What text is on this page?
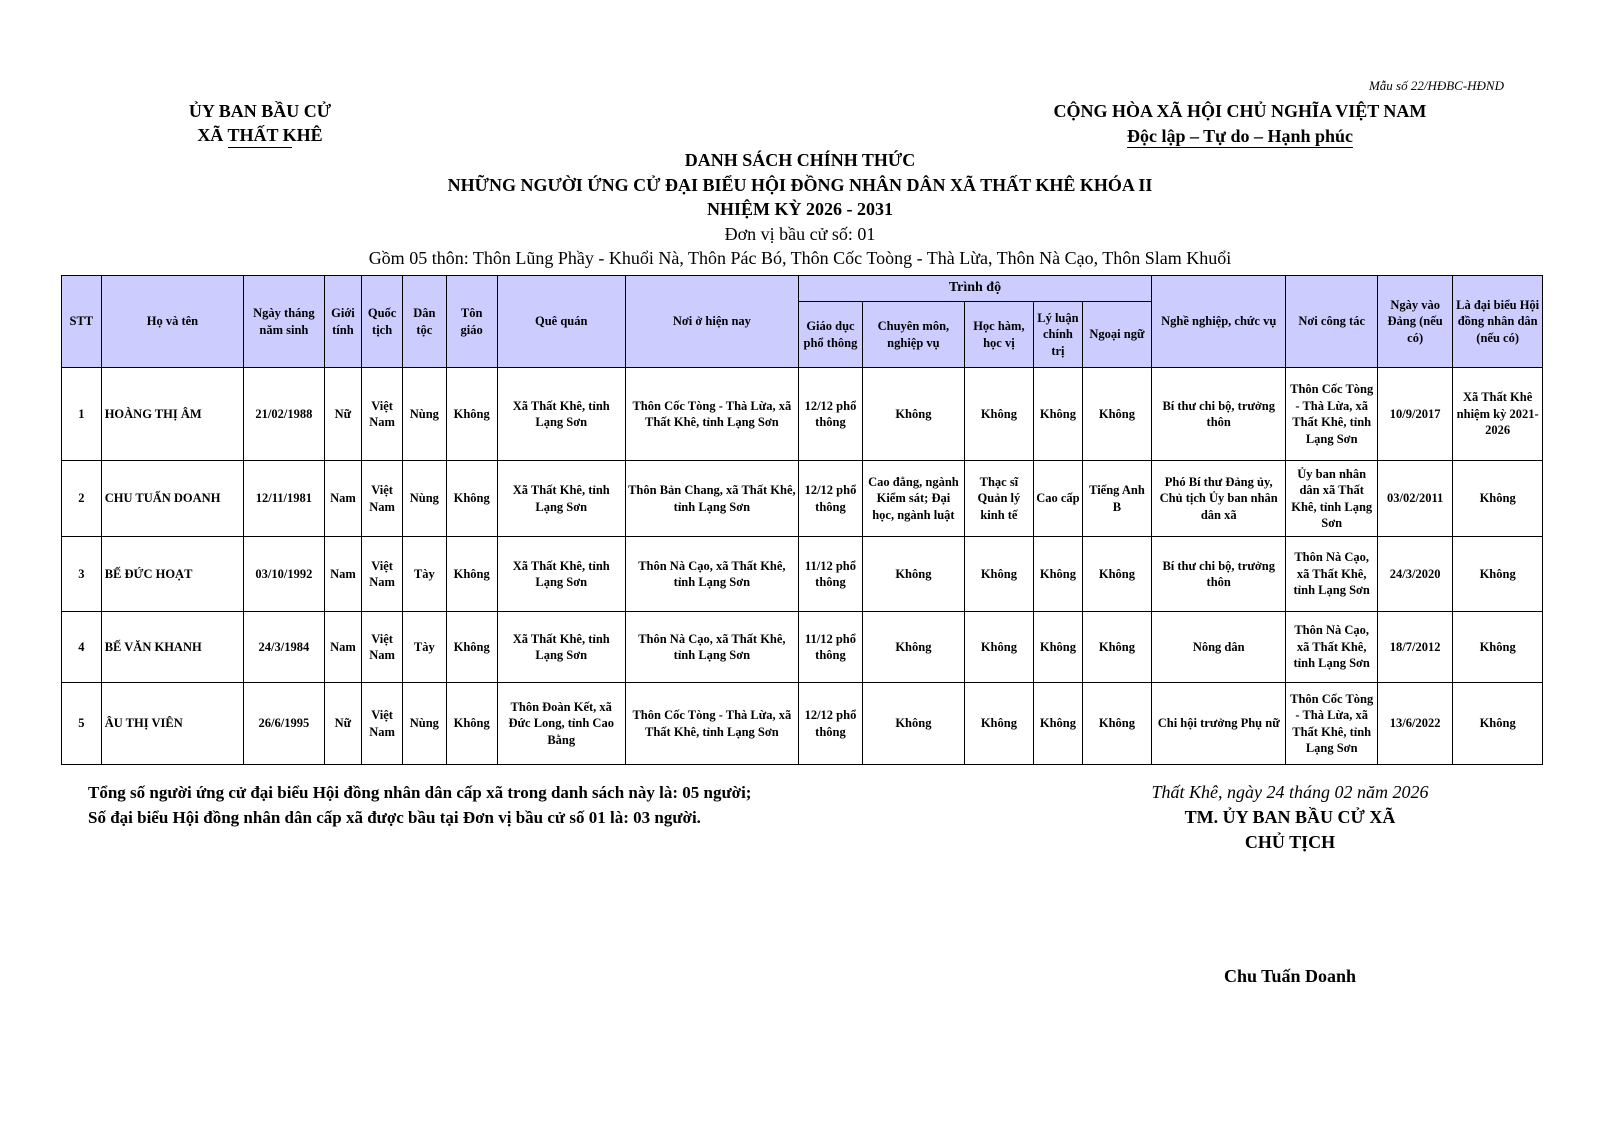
Mẫu số 22/HĐBC-HĐND
ỦY BAN BẦU CỬ
XÃ THẤT KHÊ
CỘNG HÒA XÃ HỘI CHỦ NGHĨA VIỆT NAM
Độc lập – Tự do – Hạnh phúc
DANH SÁCH CHÍNH THỨC
NHỮNG NGƯỜI ỨNG CỬ ĐẠI BIỂU HỘI ĐỒNG NHÂN DÂN XÃ THẤT KHÊ KHÓA II
NHIỆM KỲ 2026 - 2031
Đơn vị bầu cử số: 01
Gồm 05 thôn: Thôn Lũng Phầy - Khuổi Nà, Thôn Pác Bó, Thôn Cốc Toòng - Thà Lừa, Thôn Nà Cạo, Thôn Slam Khuổi
STT	Họ và tên	Ngày tháng năm sinh	Giới tính	Quốc tịch	Dân tộc	Tôn giáo	Quê quán	Nơi ở hiện nay	Trình độ					Nghề nghiệp, chức vụ	Nơi công tác	Ngày vào Đảng (nếu có)	Là đại biểu Hội đồng nhân dân (nếu có)
									Giáo dục phổ thông	Chuyên môn, nghiệp vụ	Học hàm, học vị	Lý luận chính trị	Ngoại ngữ				
1	HOÀNG THỊ ÂM	21/02/1988	Nữ	Việt Nam	Nùng	Không	Xã Thất Khê, tỉnh Lạng Sơn	Thôn Cốc Tòng - Thà Lừa, xã Thất Khê, tỉnh Lạng Sơn	12/12 phổ thông	Không	Không	Không	Không	Bí thư chi bộ, trưởng thôn	Thôn Cốc Tòng - Thà Lừa, xã Thất Khê, tỉnh Lạng Sơn	10/9/2017	Xã Thất Khê nhiệm kỳ 2021-2026
2	CHU TUẤN DOANH	12/11/1981	Nam	Việt Nam	Nùng	Không	Xã Thất Khê, tỉnh Lạng Sơn	Thôn Bản Chang, xã Thất Khê, tỉnh Lạng Sơn	12/12 phổ thông	Cao đẳng, ngành Kiểm sát; Đại học, ngành luật	Thạc sĩ Quản lý kinh tế	Cao cấp	Tiếng Anh B	Phó Bí thư Đảng ủy, Chủ tịch Ủy ban nhân dân xã	Ủy ban nhân dân xã Thất Khê, tỉnh Lạng Sơn	03/02/2011	Không
3	BẾ ĐỨC HOẠT	03/10/1992	Nam	Việt Nam	Tày	Không	Xã Thất Khê, tỉnh Lạng Sơn	Thôn Nà Cạo, xã Thất Khê, tỉnh Lạng Sơn	11/12 phổ thông	Không	Không	Không	Không	Bí thư chi bộ, trưởng thôn	Thôn Nà Cạo, xã Thất Khê, tỉnh Lạng Sơn	24/3/2020	Không
4	BẾ VĂN KHANH	24/3/1984	Nam	Việt Nam	Tày	Không	Xã Thất Khê, tỉnh Lạng Sơn	Thôn Nà Cạo, xã Thất Khê, tỉnh Lạng Sơn	11/12 phổ thông	Không	Không	Không	Không	Nông dân	Thôn Nà Cạo, xã Thất Khê, tỉnh Lạng Sơn	18/7/2012	Không
5	ÂU THỊ VIÊN	26/6/1995	Nữ	Việt Nam	Nùng	Không	Thôn Đoàn Kết, xã Đức Long, tỉnh Cao Bằng	Thôn Cốc Tòng - Thà Lừa, xã Thất Khê, tỉnh Lạng Sơn	12/12 phổ thông	Không	Không	Không	Không	Chi hội trưởng Phụ nữ	Thôn Cốc Tòng - Thà Lừa, xã Thất Khê, tỉnh Lạng Sơn	13/6/2022	Không
Tổng số người ứng cử đại biểu Hội đồng nhân dân cấp xã trong danh sách này là: 05 người;
Số đại biểu Hội đồng nhân dân cấp xã được bầu tại Đơn vị bầu cử số 01 là: 03 người.
Thất Khê, ngày 24 tháng 02 năm 2026
TM. ỦY BAN BẦU CỬ XÃ
CHỦ TỊCH
Chu Tuấn Doanh
